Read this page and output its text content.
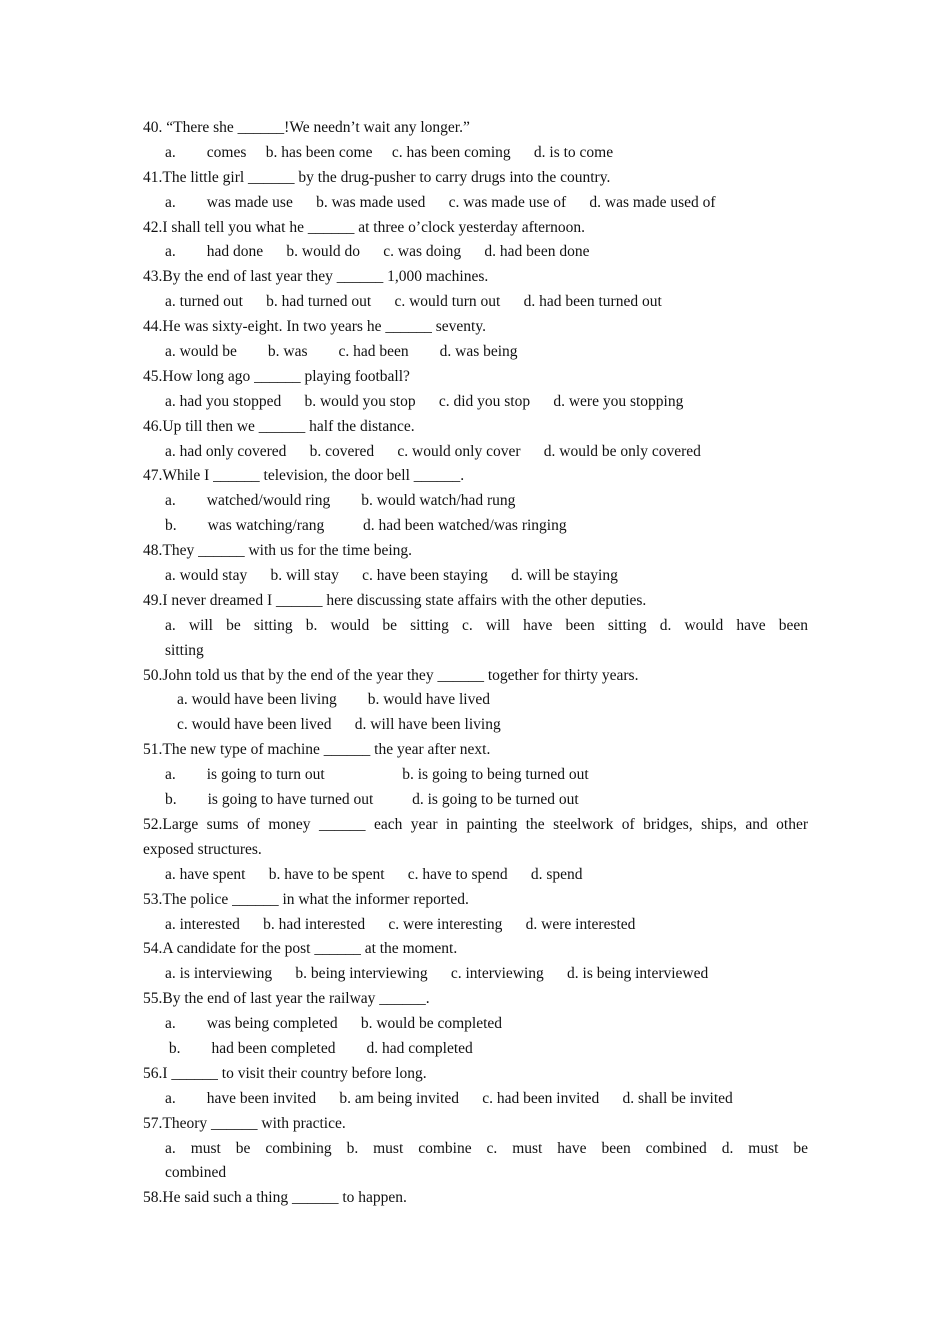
40. “There she ______!We needn’t wait any longer.”
a.        comes     b. has been come     c. has been coming      d. is to come
41.The little girl ______ by the drug-pusher to carry drugs into the country.
a.        was made use      b. was made used      c. was made use of      d. was made used of
42.I shall tell you what he ______ at three o’clock yesterday afternoon.
a.        had done      b. would do      c. was doing      d. had been done
43.By the end of last year they ______ 1,000 machines.
a. turned out      b. had turned out      c. would turn out      d. had been turned out
44.He was sixty-eight. In two years he ______ seventy.
a. would be        b. was        c. had been        d. was being
45.How long ago ______ playing football?
a. had you stopped      b. would you stop      c. did you stop      d. were you stopping
46.Up till then we ______ half the distance.
a. had only covered      b. covered      c. would only cover      d. would be only covered
47.While I ______ television, the door bell ______.
a.        watched/would ring        b. would watch/had rung
b.        was watching/rang          d. had been watched/was ringing
48.They ______ with us for the time being.
a. would stay      b. will stay      c. have been staying      d. will be staying
49.I never dreamed I ______ here discussing state affairs with the other deputies.
a. will be sitting b. would be sitting c. will have been sitting d. would have been
sitting
50.John told us that by the end of the year they ______ together for thirty years.
a. would have been living        b. would have lived
c. would have been lived      d. will have been living
51.The new type of machine ______ the year after next.
a.        is going to turn out                    b. is going to being turned out
b.        is going to have turned out          d. is going to be turned out
52.Large sums of money ______ each year in painting the steelwork of bridges, ships, and other
exposed structures.
a. have spent      b. have to be spent      c. have to spend      d. spend
53.The police ______ in what the informer reported.
a. interested      b. had interested      c. were interesting      d. were interested
54.A candidate for the post ______ at the moment.
a. is interviewing      b. being interviewing      c. interviewing      d. is being interviewed
55.By the end of last year the railway ______.
a.        was being completed      b. would be completed
b.        had been completed        d. had completed
56.I ______ to visit their country before long.
a.        have been invited      b. am being invited      c. had been invited      d. shall be invited
57.Theory ______ with practice.
a. must be combining b. must combine c. must have been combined d. must be
combined
58.He said such a thing ______ to happen.
